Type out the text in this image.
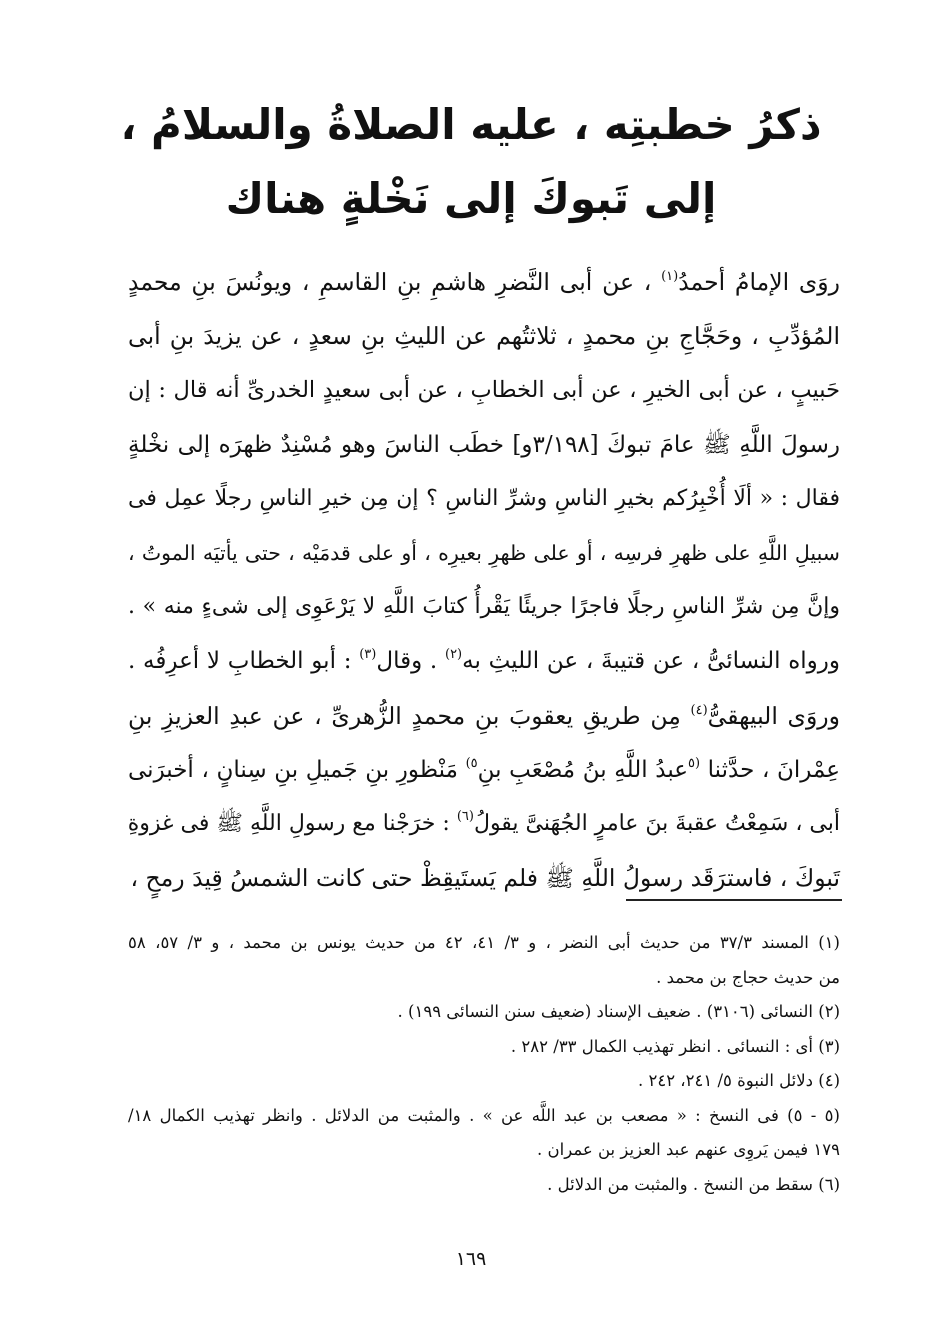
ذكرُ خطبتِه ، عليه الصلاةُ والسلامُ ،
إلى تَبوكَ إلى نَخْلةٍ هناك
روَى الإمامُ أحمدُ$^{(١)}$ ، عن أبى النَّضرِ هاشمِ بنِ القاسمِ ، ويونُسَ بنِ محمدٍ
المُؤدِّبِ ، وحَجَّاجِ بنِ محمدٍ ، ثلاثتُهم عن الليثِ بنِ سعدٍ ، عن يزيدَ بنِ أبى
حَبيبٍ ، عن أبى الخيرِ ، عن أبى الخطابِ ، عن أبى سعيدٍ الخدرىِّ أنه قال : إن
رسولَ اللَّهِ ﷺ عامَ تبوكَ [٣/١٩٨و] خطَب الناسَ وهو مُسْنِدٌ ظهرَه إلى نخْلةٍ
فقال : « ألَا أُخْبِرُكم بخيرِ الناسِ وشرِّ الناسِ ؟ إن مِن خيرِ الناسِ رجلًا عمِل فى
سبيلِ اللَّهِ على ظهرِ فرسِه ، أو على ظهرِ بعيرِه ، أو على قدمَيْه ، حتى يأتيَه الموتُ ،
وإنَّ مِن شرِّ الناسِ رجلًا فاجرًا جريئًا يَقْرأُ كتابَ اللَّهِ لا يَرْعَوِى إلى شىءٍ منه » .
ورواه النسائىُّ ، عن قتيبةَ ، عن الليثِ به$^{(٢)}$ . وقال$^{(٣)}$ : أبو الخطابِ لا أعرِفُه .
وروَى البيهقىُّ$^{(٤)}$ مِن طريقِ يعقوبَ بنِ محمدٍ الزُّهرىِّ ، عن عبدِ العزيزِ بنِ
عِمْرانَ ، حدَّثنا $^{(٥}$عبدُ اللَّهِ بنُ مُصْعَبِ بنِ$^{٥)}$ مَنْظورِ بنِ جَميلِ بنِ سِنانٍ ، أخبرَنى
أبى ، سَمِعْتُ عقبةَ بنَ عامرٍ الجُهَنىَّ يقولُ$^{(٦)}$ : خرَجْنا مع رسولِ اللَّهِ ﷺ فى غزوةِ
تَبوكَ ، فاسترَقَد رسولُ اللَّهِ ﷺ فلم يَستَيقِظْ حتى كانت الشمسُ قِيدَ رمحٍ ،
(١) المسند ٣٧/٣ من حديث أبى النضر ، و ٣/ ٤١، ٤٢ من حديث يونس بن محمد ، و ٣/ ٥٧، ٥٨
من حديث حجاج بن محمد .
(٢) النسائى (٣١٠٦) . ضعيف الإسناد (ضعيف سنن النسائى ١٩٩) .
(٣) أى : النسائى . انظر تهذيب الكمال ٣٣/ ٢٨٢ .
(٤) دلائل النبوة ٥/ ٢٤١، ٢٤٢ .
(٥ - ٥) فى النسخ : « مصعب بن عبد اللَّه عن » . والمثبت من الدلائل . وانظر تهذيب الكمال ١٨/
١٧٩ فيمن يَروِى عنهم عبد العزيز بن عمران .
(٦) سقط من النسخ . والمثبت من الدلائل .
١٦٩
